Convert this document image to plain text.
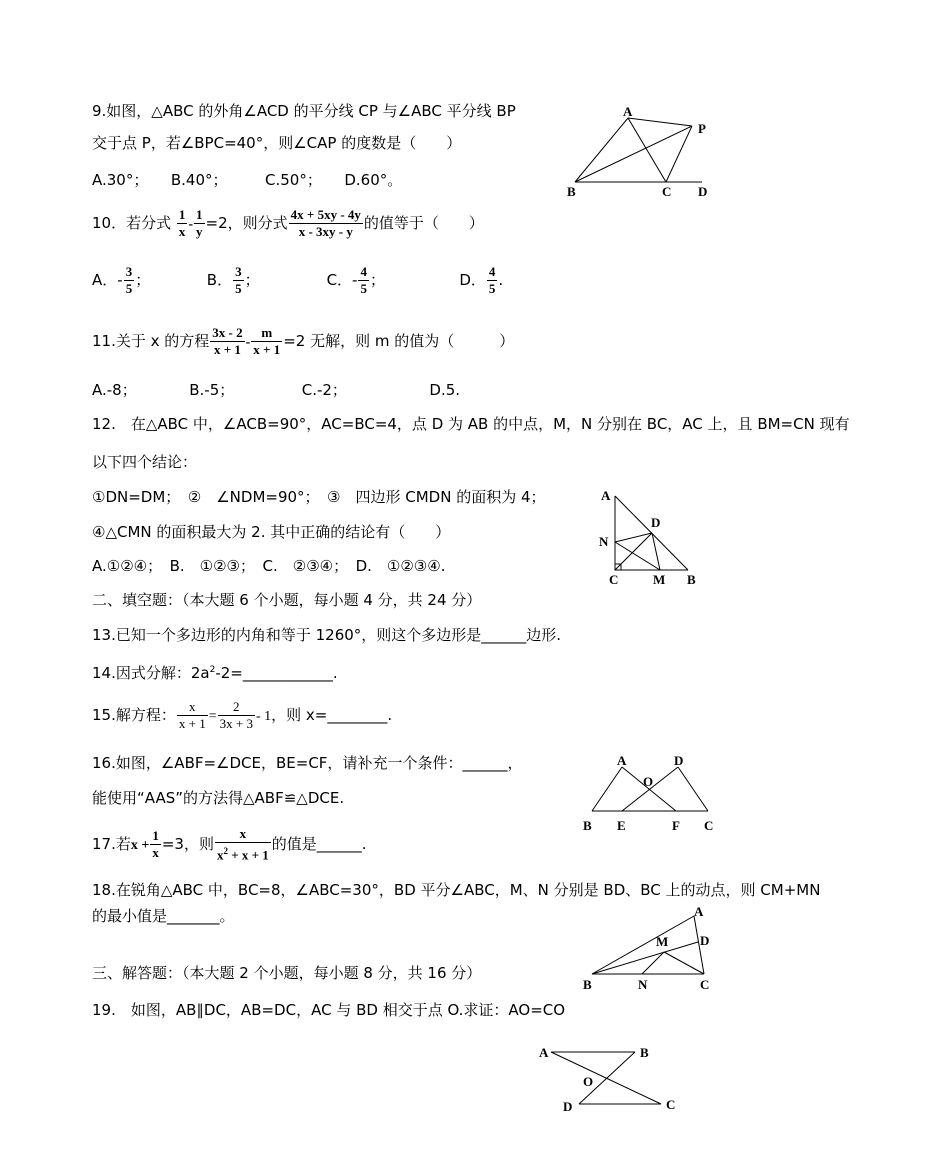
9.如图，△ABC 的外角∠ACD 的平分线 CP 与∠ABC 平分线 BP
交于点 P，若∠BPC=40°，则∠CAP 的度数是（　　）
A.30°；　　B.40°；　　　C.50°；　　D.60°。
A
P
B	C D
10．若分式 $\frac{1}{x} - \frac{1}{y} =2$，则分式 $\frac{4x + 5xy - 4y}{x - 3xy - y}$ 的值等于（　　）
A．- $\frac{3}{5}$ ；	B． $\frac{3}{5}$ ；	C．- $\frac{4}{5}$ ；	D． $\frac{4}{5}$ .
11.关于 x 的方程 $\frac{3x - 2}{x + 1} - \frac{m}{x + 1} =2$ 无解，则 m 的值为（　　　）
A.-8；　　　　B.-5；　　　　　C.-2；　　　　　　D.5.
12.　在△ABC 中，∠ACB=90°，AC=BC=4，点 D 为 AB 的中点，M，N 分别在 BC，AC 上，且 BM=CN 现有
以下四个结论：
①DN=DM；　②　∠NDM=90°；　③　四边形 CMDN 的面积为 4；
④△CMN 的面积最大为 2. 其中正确的结论有（　　）
A.①②④；　B.　①②③；　C.　②③④；　D.　①②③④.
A
D
N
C	M B
二、填空题：（本大题 6 个小题，每小题 4 分，共 24 分）
13.已知一个多边形的内角和等于 1260°，则这个多边形是______边形.
14.因式分解：$2a^2-2=\_\_\_\_\_\_\_\_\_\_\_\_$.
15.解方程： $\frac{x}{x + 1} = \frac{2}{3x + 3} - 1$，则 x=________.
16.如图，∠ABF=∠DCE，BE=CF，请补充一个条件：______，
能使用“AAS”的方法得△ABF≌△DCE.
A	D
O
B E	F C
17.若$x + \frac{1}{x} =3$，则 $\frac{x}{x^2 + x + 1}$ 的值是______.
18.在锐角△ABC 中，BC=8，∠ABC=30°，BD 平分∠ABC，M、N 分别是 BD、BC 上的动点，则 CM+MN
的最小值是_______。	A
D
M
B	N	C
三、解答题：（本大题 2 个小题，每小题 8 分，共 16 分）
19.　如图，AB∥DC，AB=DC，AC 与 BD 相交于点 O.求证：AO=CO
A	B
O
D	C
